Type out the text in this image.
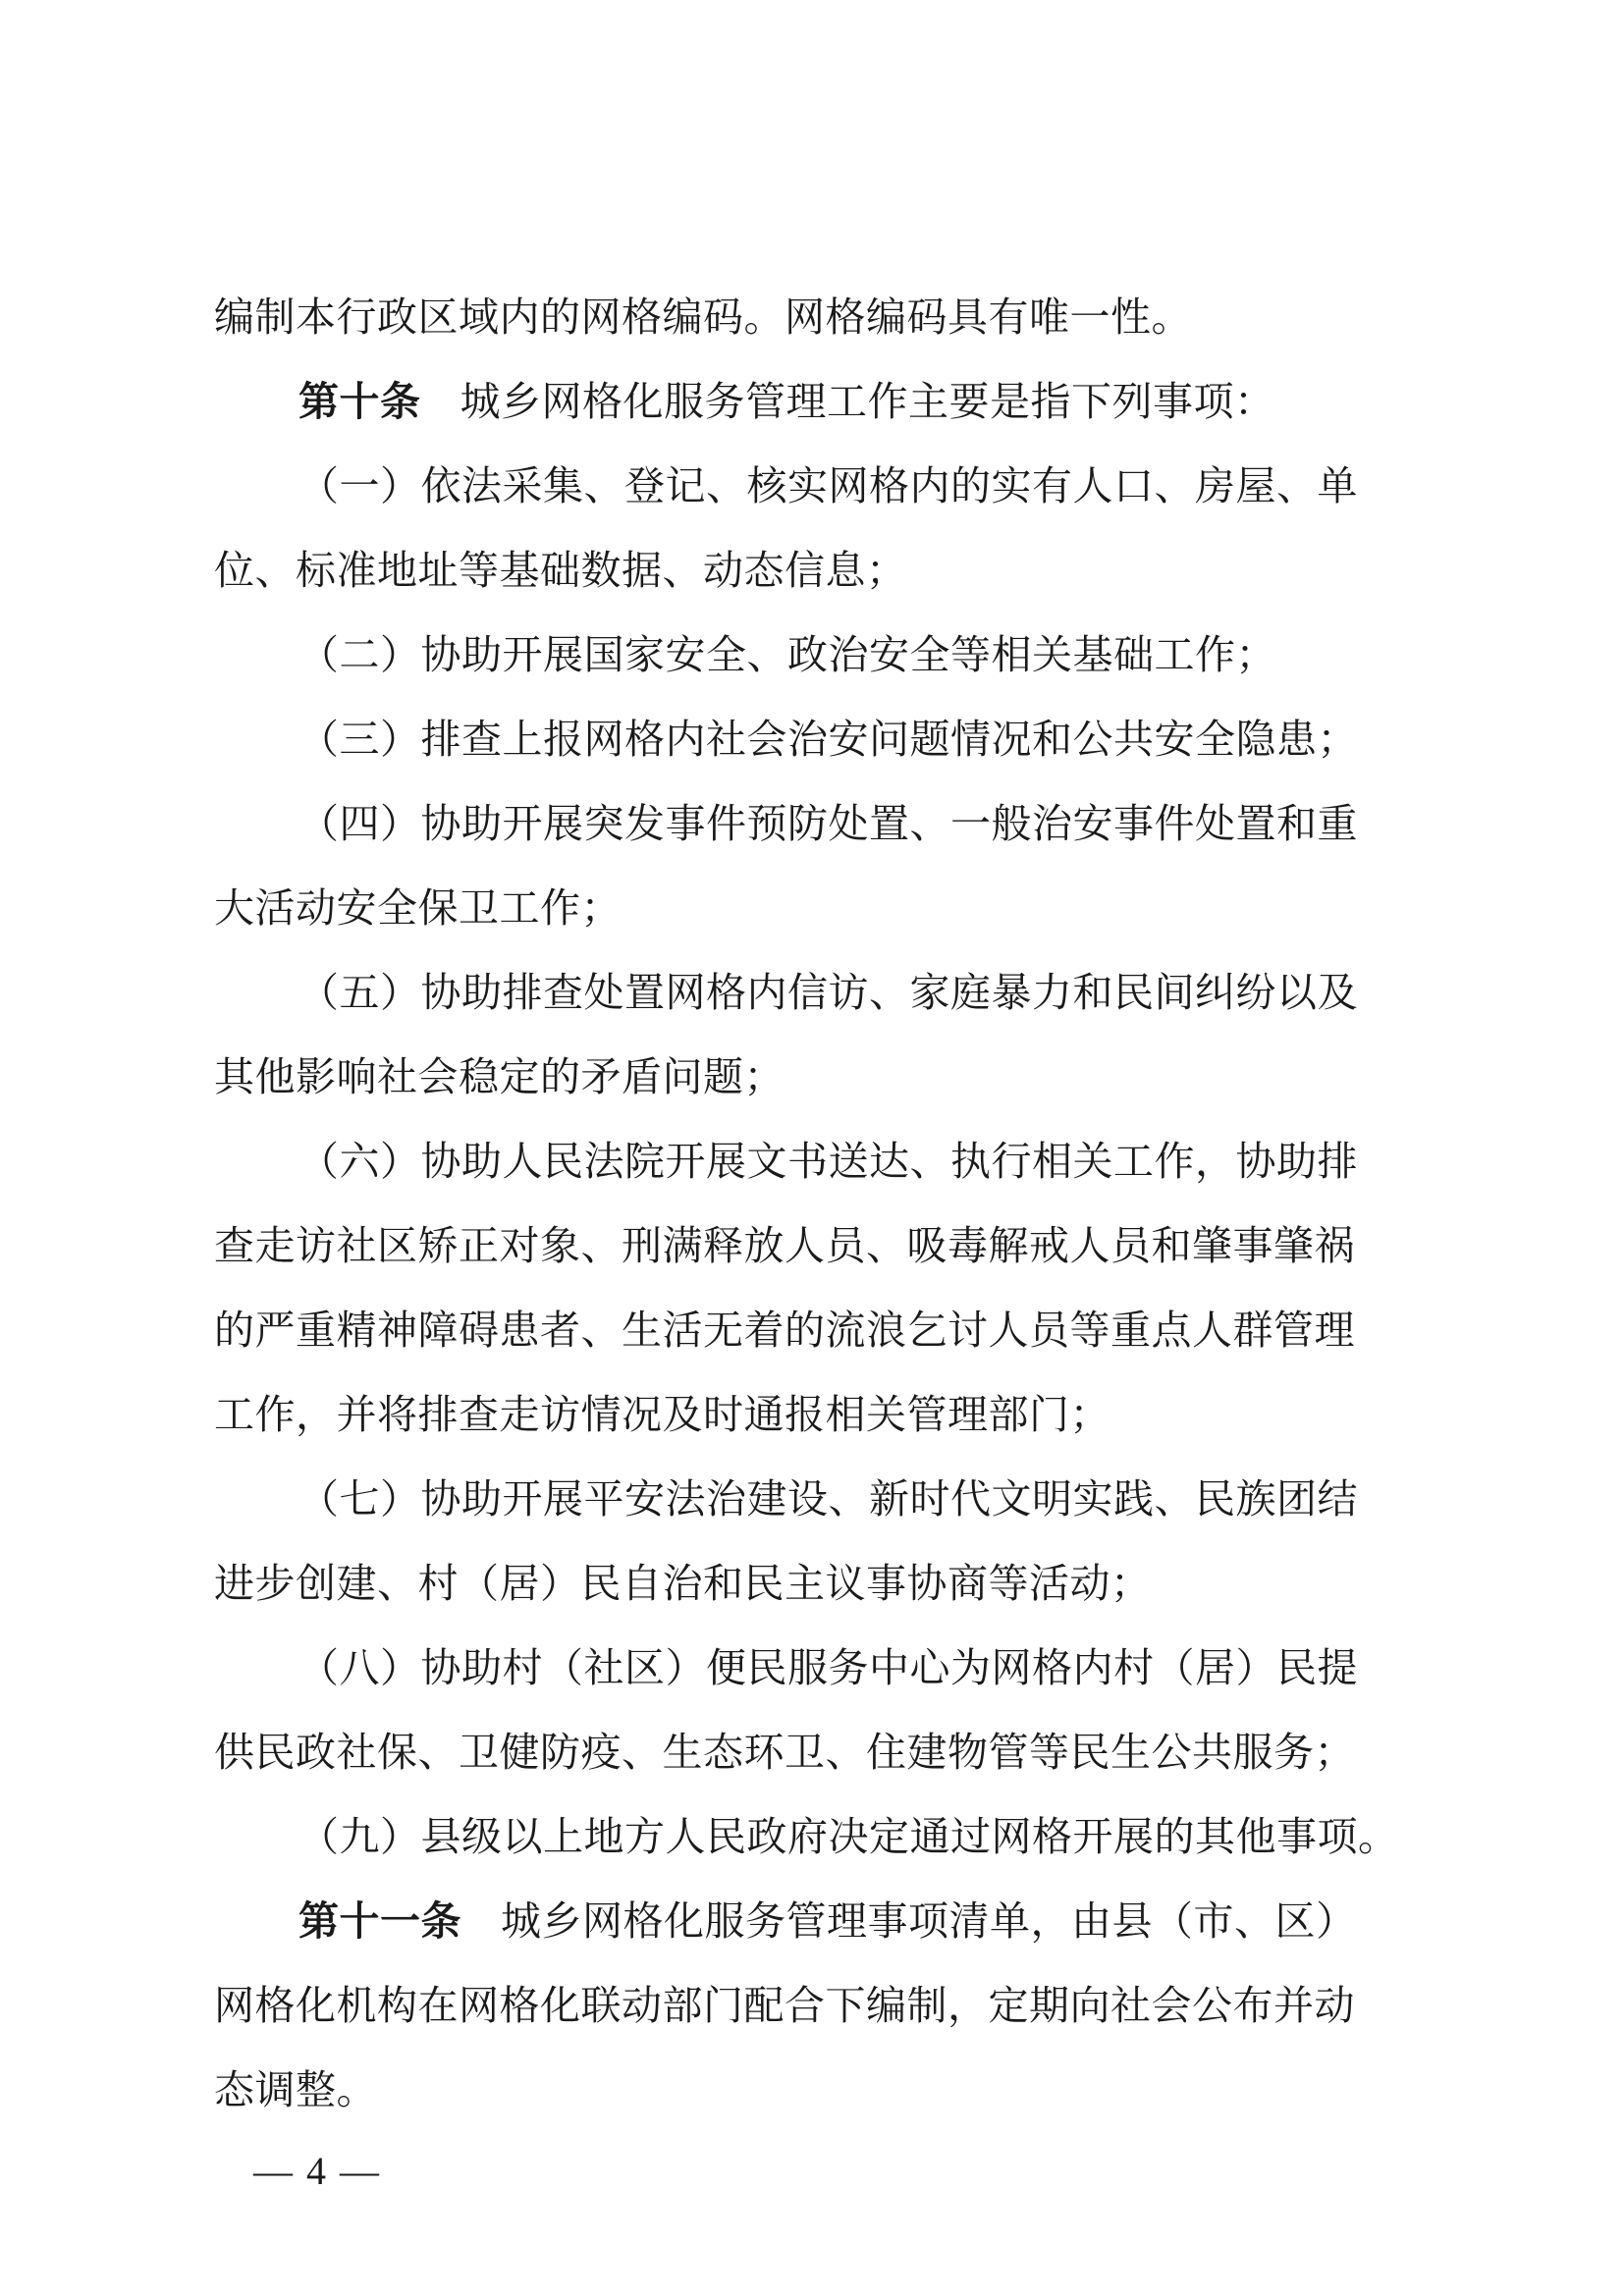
编制本行政区域内的网格编码。网格编码具有唯一性。
第十条 城乡网格化服务管理工作主要是指下列事项：
（一）依法采集、登记、核实网格内的实有人口、房屋、单
位、标准地址等基础数据、动态信息；
（二）协助开展国家安全、政治安全等相关基础工作；
（三）排查上报网格内社会治安问题情况和公共安全隐患；
（四）协助开展突发事件预防处置、一般治安事件处置和重
大活动安全保卫工作；
（五）协助排查处置网格内信访、家庭暴力和民间纠纷以及
其他影响社会稳定的矛盾问题；
（六）协助人民法院开展文书送达、执行相关工作，协助排
查走访社区矫正对象、刑满释放人员、吸毒解戒人员和肇事肇祸
的严重精神障碍患者、生活无着的流浪乞讨人员等重点人群管理
工作，并将排查走访情况及时通报相关管理部门；
（七）协助开展平安法治建设、新时代文明实践、民族团结
进步创建、村（居）民自治和民主议事协商等活动；
（八）协助村（社区）便民服务中心为网格内村（居）民提
供民政社保、卫健防疫、生态环卫、住建物管等民生公共服务；
（九）县级以上地方人民政府决定通过网格开展的其他事项。
第十一条 城乡网格化服务管理事项清单，由县（市、区）
网格化机构在网格化联动部门配合下编制，定期向社会公布并动
态调整。
— 4 —
